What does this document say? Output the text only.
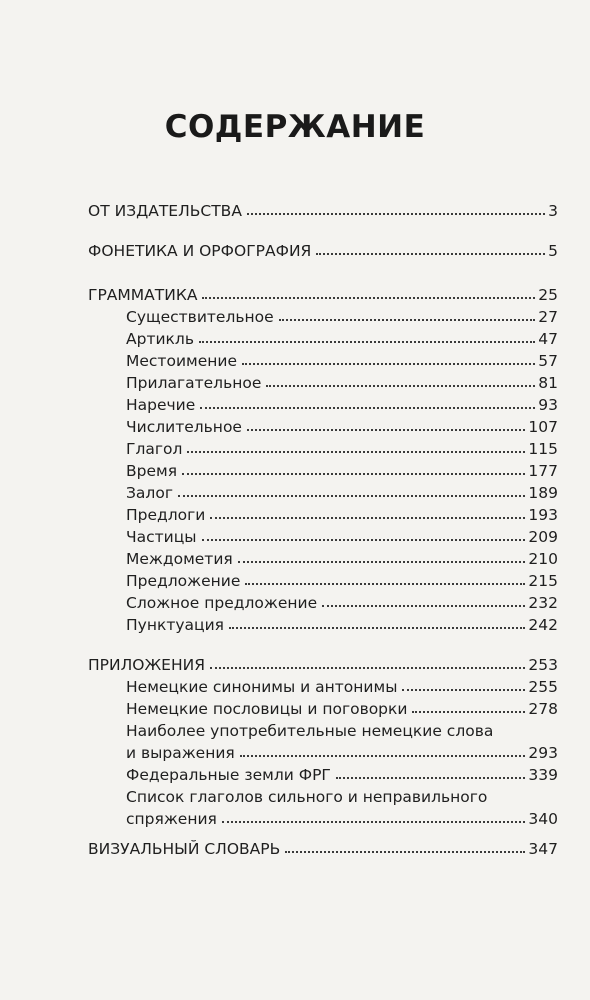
СОДЕРЖАНИЕ
ОТ ИЗДАТЕЛЬСТВА	3
ФОНЕТИКА И ОРФОГРАФИЯ	5
ГРАММАТИКА	25
Существительное	27
Артикль	47
Местоимение	57
Прилагательное	81
Наречие	93
Числительное	107
Глагол	115
Время	177
Залог	189
Предлоги	193
Частицы	209
Междометия	210
Предложение	215
Сложное предложение	232
Пунктуация	242
ПРИЛОЖЕНИЯ	253
Немецкие синонимы и антонимы	255
Немецкие пословицы и поговорки	278
Наиболее употребительные немецкие слова
и выражения	293
Федеральные земли ФРГ	339
Список глаголов сильного и неправильного
спряжения	340
ВИЗУАЛЬНЫЙ СЛОВАРЬ	347
